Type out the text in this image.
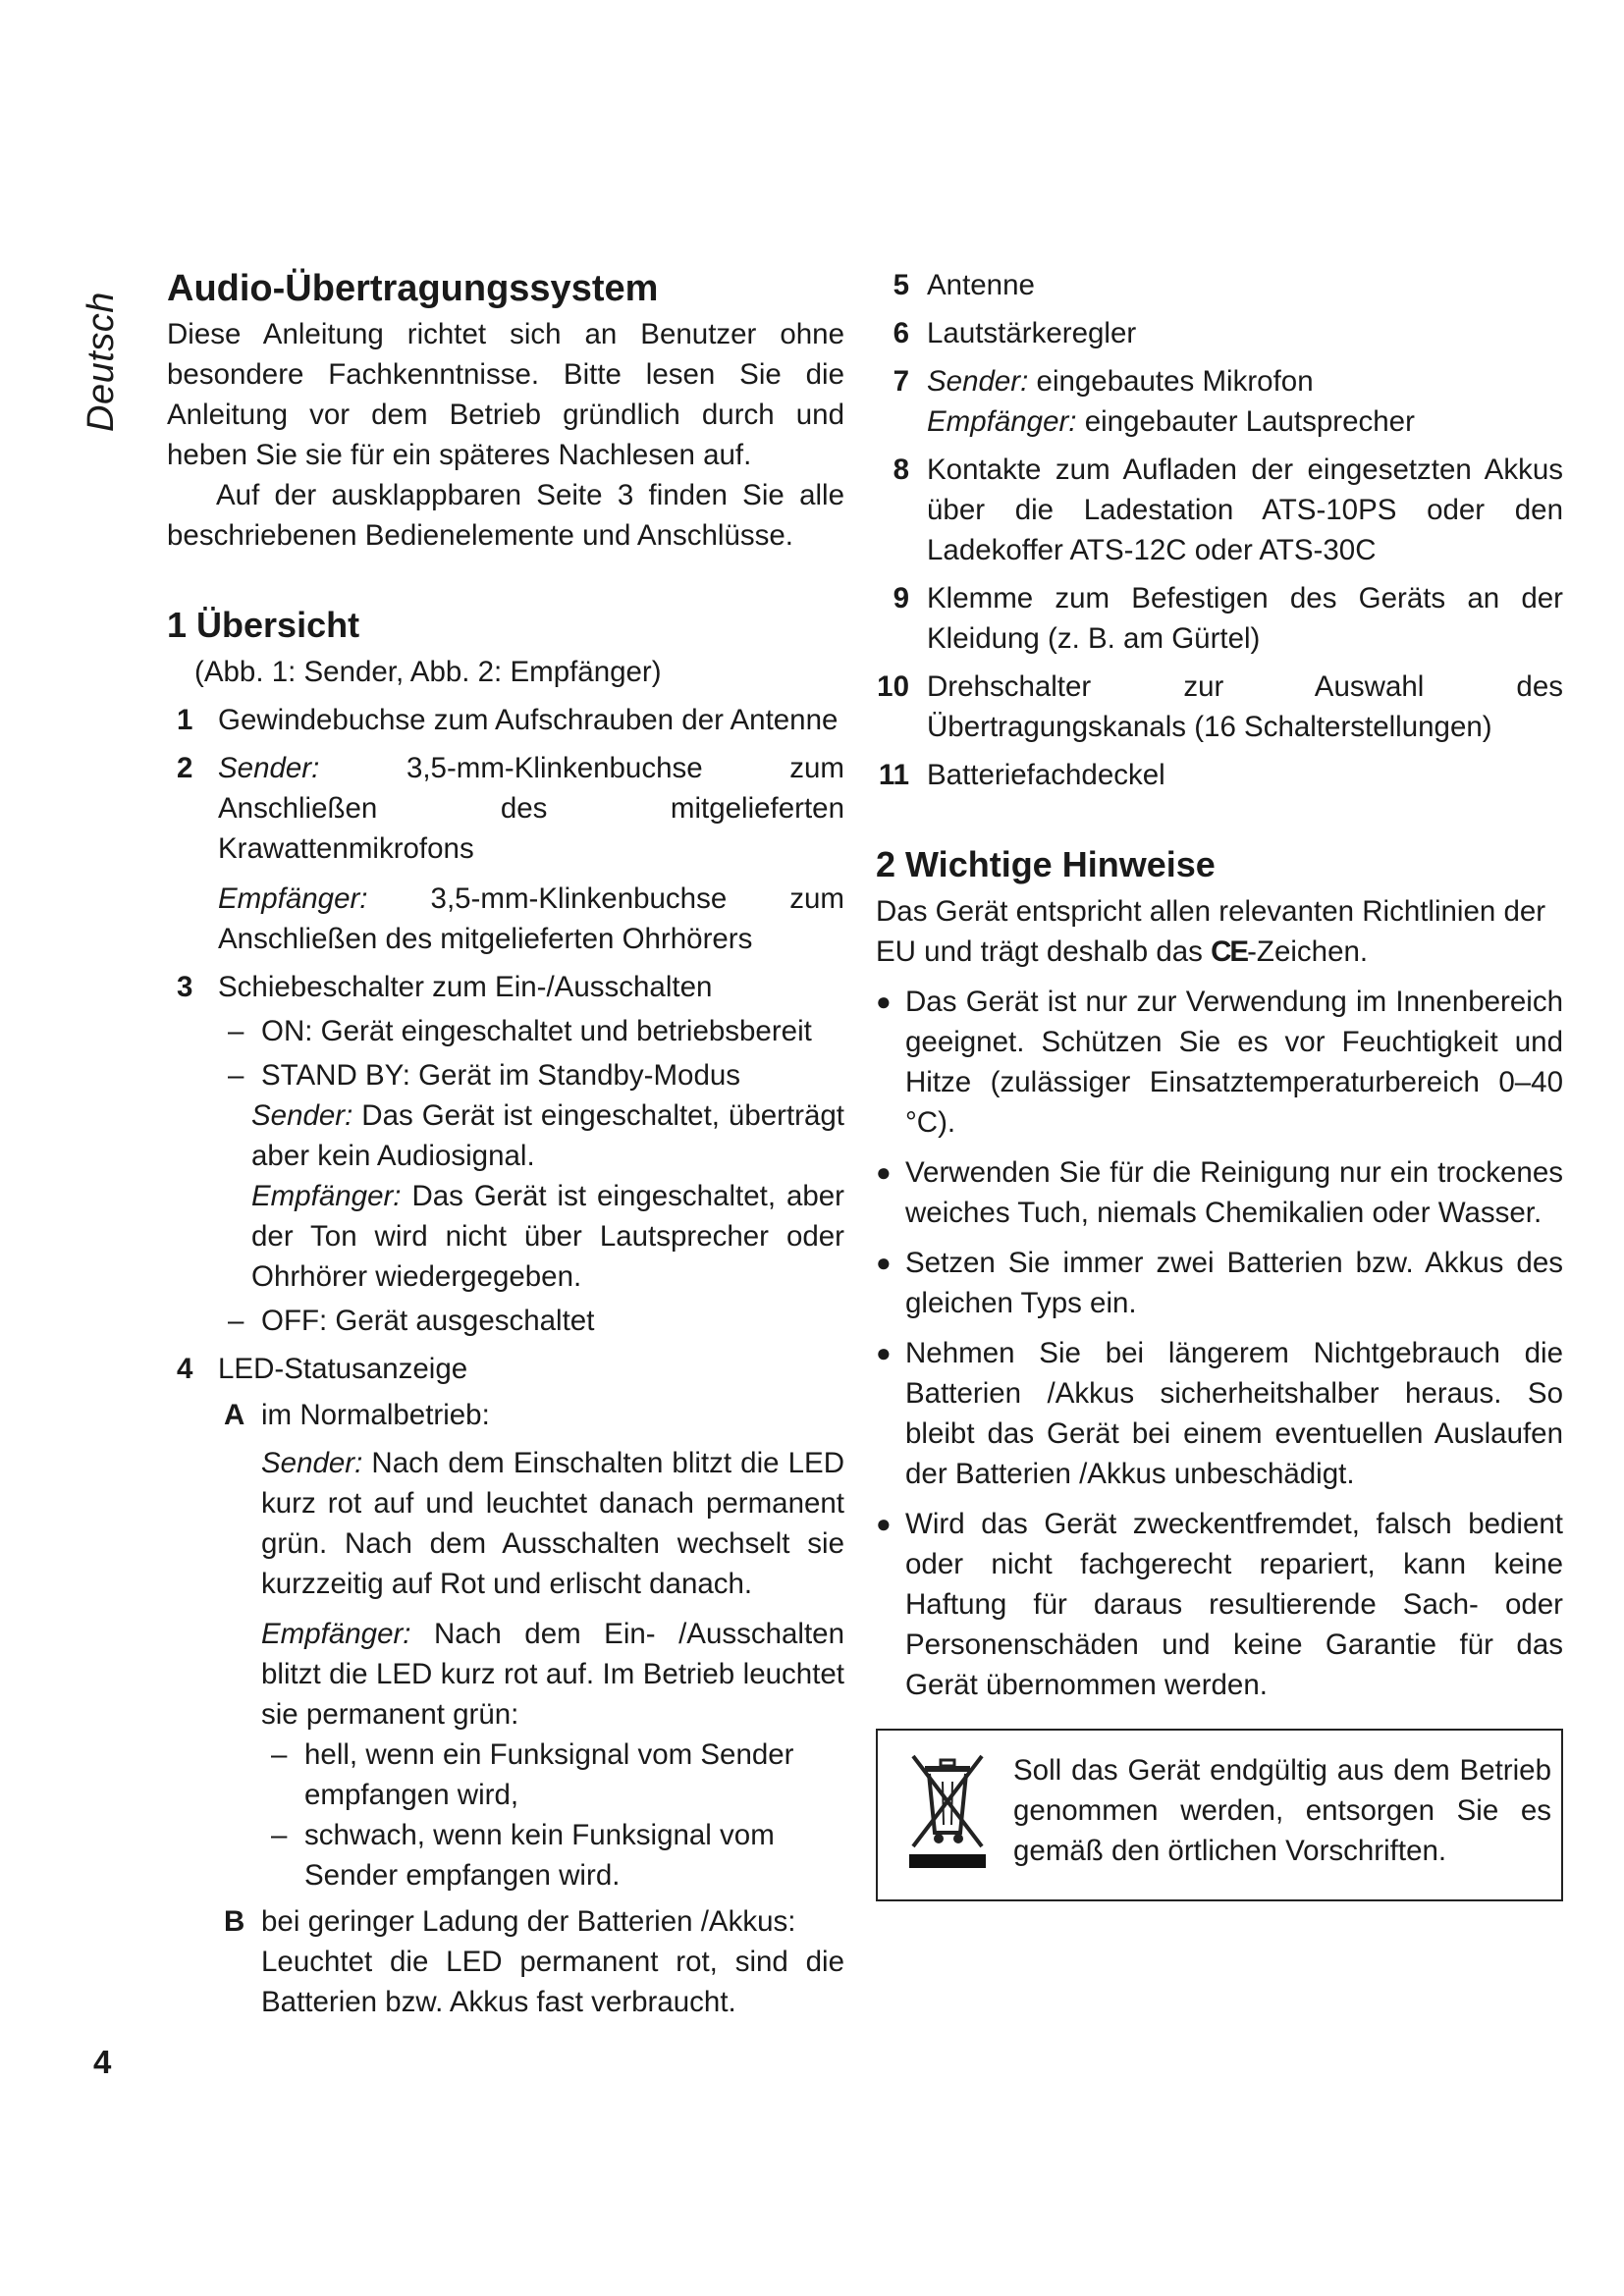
Deutsch
Audio-Übertragungssystem

Diese Anleitung richtet sich an Benutzer ohne besondere Fachkenntnisse. Bitte lesen Sie die Anleitung vor dem Betrieb gründlich durch und heben Sie sie für ein späteres Nachlesen auf.

Auf der ausklappbaren Seite 3 finden Sie alle beschriebenen Bedienelemente und Anschlüsse.

1 Übersicht

(Abb. 1: Sender, Abb. 2: Empfänger)

1 Gewindebuchse zum Aufschrauben der Antenne
2 Sender:	3,5-mm-Klinkenbuchse zum Anschließen des mitgelieferten Krawattenmikrofons

Empfänger: 3,5-mm-Klinkenbuchse zum Anschließen des mitgelieferten Ohrhörers

3 Schiebeschalter zum Ein-/Ausschalten

– ON: Gerät eingeschaltet und betriebsbereit
– STAND BY: Gerät im Standby-Modus

Sender: Das Gerät ist eingeschaltet, überträgt aber kein Audiosignal.

Empfänger: Das Gerät ist eingeschaltet, aber der Ton wird nicht über Lautsprecher oder Ohrhörer wiedergegeben.

– OFF: Gerät ausgeschaltet
4 LED-Statusanzeige

A im Normalbetrieb:

Sender: Nach dem Einschalten blitzt die LED kurz rot auf und leuchtet danach permanent grün. Nach dem Ausschalten wechselt sie kurzzeitig auf Rot und erlischt danach.

Empfänger: Nach dem Ein- /Ausschalten blitzt die LED kurz rot auf. Im Betrieb leuchtet sie permanent grün:

– hell, wenn ein Funksignal vom Sender empfangen wird,
– schwach, wenn kein Funksignal vom Sender empfangen wird.
B bei geringer Ladung der Batterien /Akkus:

Leuchtet die LED permanent rot, sind die Batterien bzw. Akkus fast verbraucht.

5 Antenne
6 Lautstärkeregler
7 Sender: eingebautes Mikrofon

Empfänger: eingebauter Lautsprecher

8 Kontakte zum Aufladen der eingesetzten Akkus über die Ladestation ATS-10PS oder den Ladekoffer ATS-12C oder ATS-30C

9 Klemme zum Befestigen des Geräts an der Kleidung (z. B. am Gürtel)

10 Drehschalter zur Auswahl des Übertragungskanals (16 Schalterstellungen)

11 Batteriefachdeckel
2 Wichtige Hinweise

Das Gerät entspricht allen relevanten Richtlinien der EU und trägt deshalb das CE-Zeichen.

● Das Gerät ist nur zur Verwendung im Innenbereich geeignet. Schützen Sie es vor Feuchtigkeit und Hitze (zulässiger Einsatztemperaturbereich 0–40 °C).

● Verwenden Sie für die Reinigung nur ein trockenes weiches Tuch, niemals Chemikalien oder Wasser.

● Setzen Sie immer zwei Batterien bzw. Akkus des gleichen Typs ein.

● Nehmen Sie bei längerem Nichtgebrauch die Batterien /Akkus sicherheitshalber heraus. So bleibt das Gerät bei einem eventuellen Auslaufen der Batterien /Akkus unbeschädigt.

● Wird das Gerät zweckentfremdet, falsch bedient oder nicht fachgerecht repariert, kann keine Haftung für daraus resultierende Sach- oder Personenschäden und keine Garantie für das Gerät übernommen werden.

Soll das Gerät endgültig aus dem Betrieb genommen werden, entsorgen Sie es gemäß den örtlichen Vorschriften.

4
